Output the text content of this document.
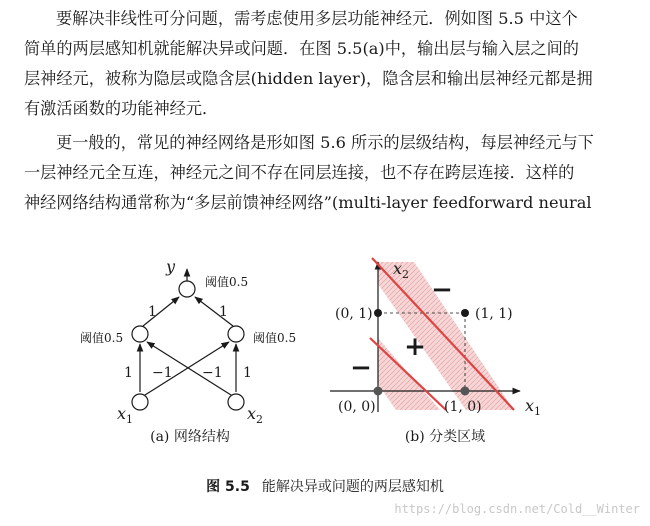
要解决非线性可分问题，需考虑使用多层功能神经元．例如图 5.5 中这个
简单的两层感知机就能解决异或问题．在图 5.5(a)中，输出层与输入层之间的
层神经元，被称为隐层或隐含层(hidden layer)，隐含层和输出层神经元都是拥
有激活函数的功能神经元．
更一般的，常见的神经网络是形如图 5.6 所示的层级结构，每层神经元与下
一层神经元全互连，神经元之间不存在同层连接，也不存在跨层连接．这样的
神经网络结构通常称为“多层前馈神经网络”(multi-layer feedforward neural
y
阈值0.5
阈值0.5	阈值0.5
1	1
1 −1 −1 1
$x_1$	$x_2$
(a) 网络结构
$x_2$
$x_1$
(0, 1)	(1, 1)
(0, 0)	(1, 0)
+
−
−
(b) 分类区域
图 5.5 能解决异或问题的两层感知机
https://blog.csdn.net/Cold__Winter
